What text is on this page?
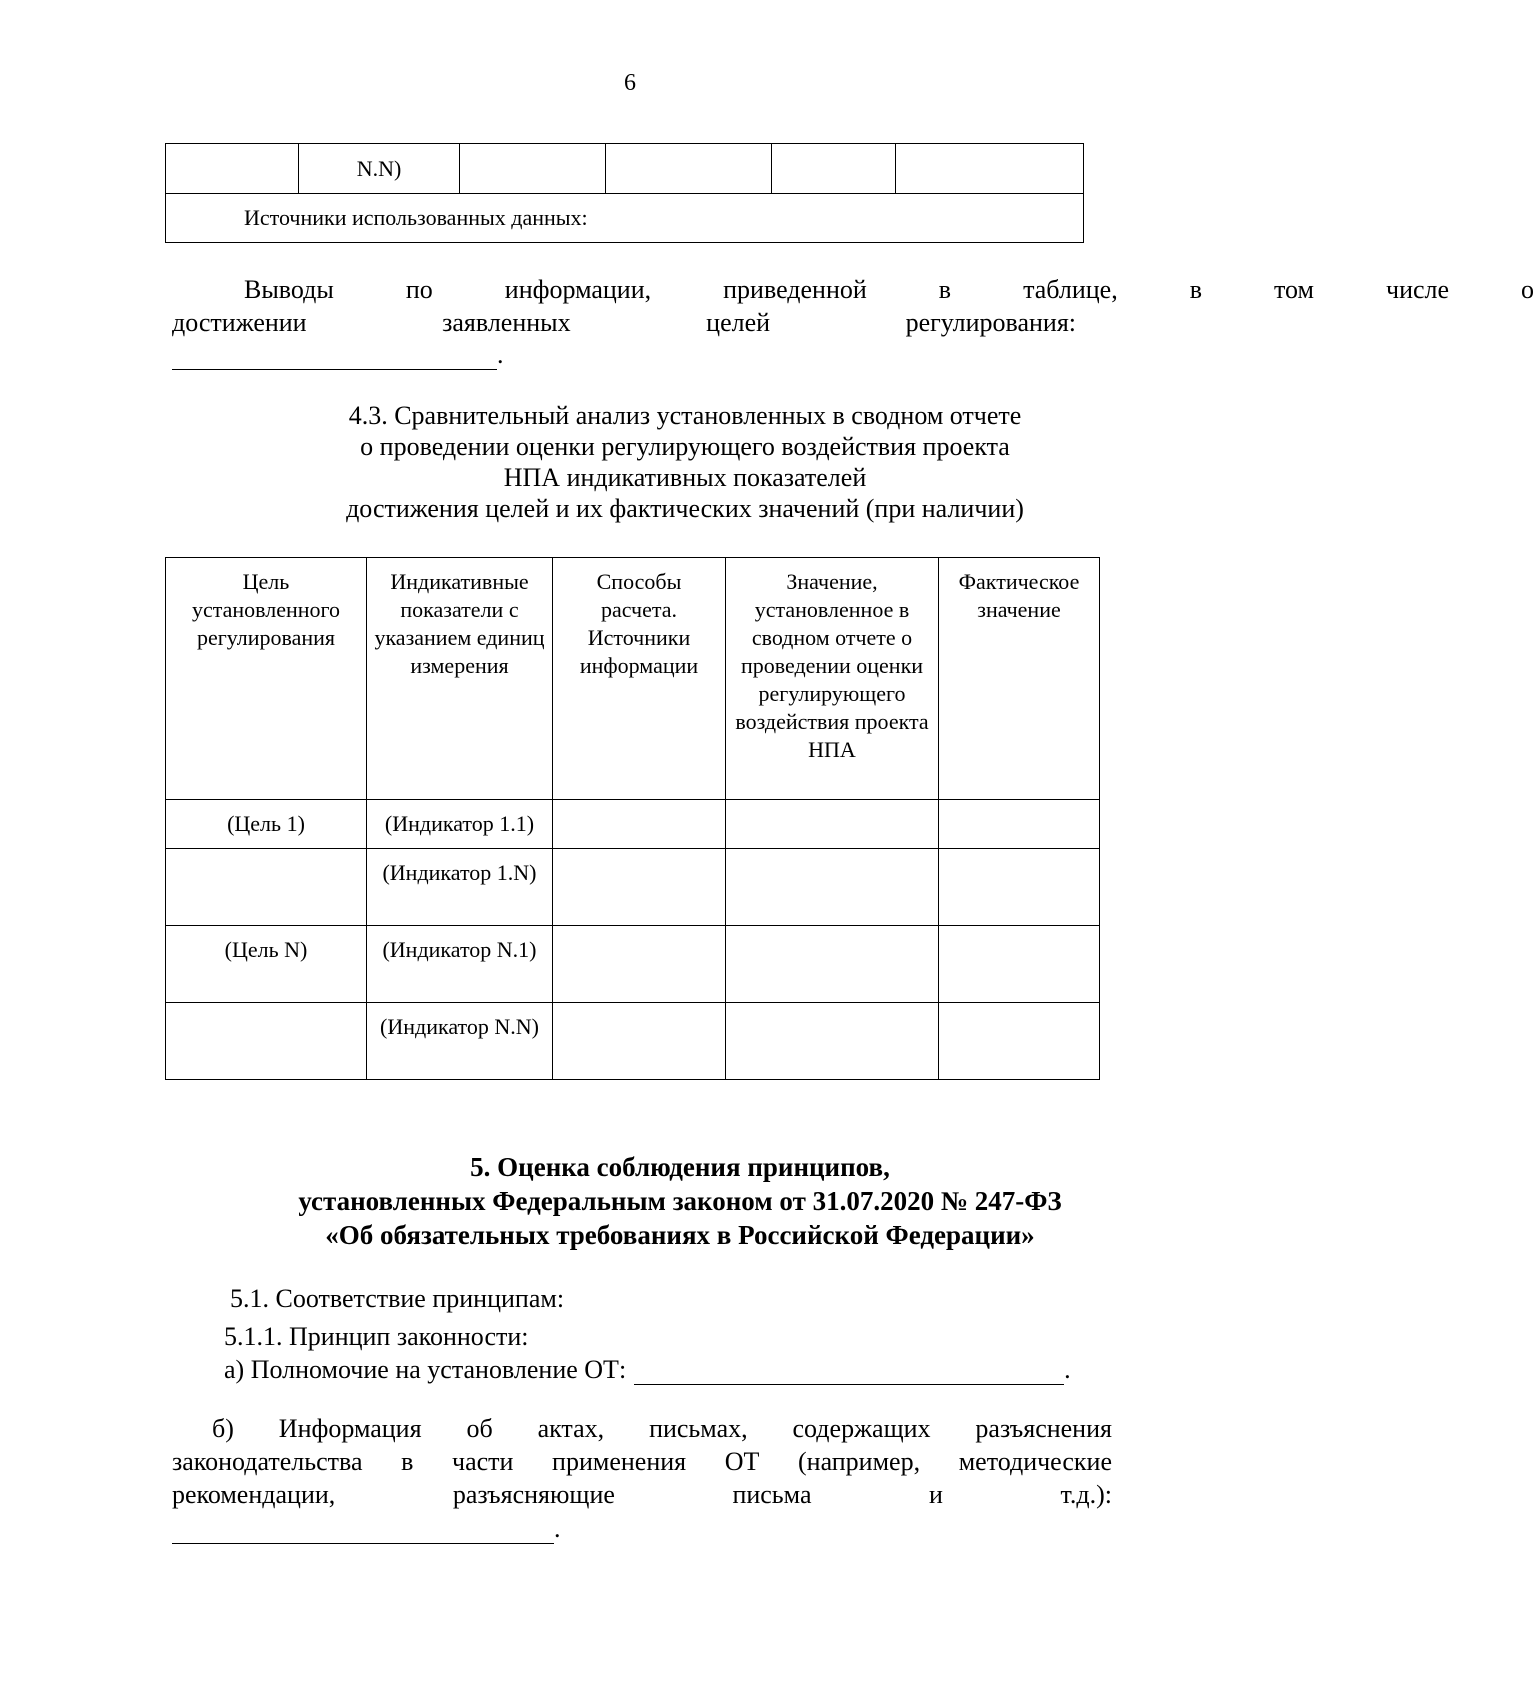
6
	N.N)				
Источники использованных данных:
Выводы	по	информации,	приведенной	в	таблице,	в	том	числе	о
достижении	заявленных	целей	регулирования:
.
4.3. Сравнительный анализ установленных в сводном отчете
о проведении оценки регулирующего воздействия проекта
НПА индикативных показателей
достижения целей и их фактических значений (при наличии)
Цель установленного регулирования	Индикативные показатели с указанием единиц измерения	Способы расчета. Источники информации	Значение, установленное в сводном отчете о проведении оценки регулирующего воздействия проекта НПА	Фактическое значение
(Цель 1)	(Индикатор 1.1)			
	(Индикатор 1.N)			
(Цель N)	(Индикатор N.1)			
	(Индикатор N.N)			
5. Оценка соблюдения принципов,
установленных Федеральным законом от 31.07.2020 № 247-ФЗ
«Об обязательных требованиях в Российской Федерации»
5.1. Соответствие принципам:
5.1.1. Принцип законности:
а) Полномочие на установление ОТ:	.
б) Информация об актах, письмах, содержащих разъяснения
законодательства в части применения ОТ (например, методические
рекомендации,	разъясняющие	письма	и	т.д.):
.
